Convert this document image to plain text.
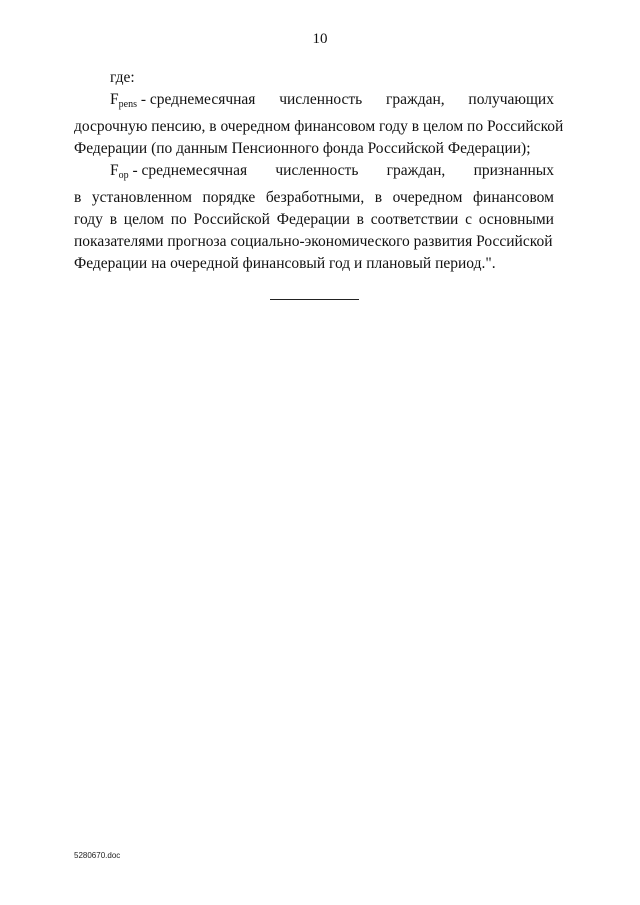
10
где:
$F_{pens}$ - среднемесячная численность граждан, получающих
досрочную пенсию, в очередном финансовом году в целом по Российской
Федерации (по данным Пенсионного фонда Российской Федерации);
$F_{op}$ - среднемесячная численность граждан, признанных
в установленном порядке безработными, в очередном финансовом
году в целом по Российской Федерации в соответствии с основными
показателями прогноза социально-экономического развития Российской
Федерации на очередной финансовый год и плановый период.".
5280670.doc
